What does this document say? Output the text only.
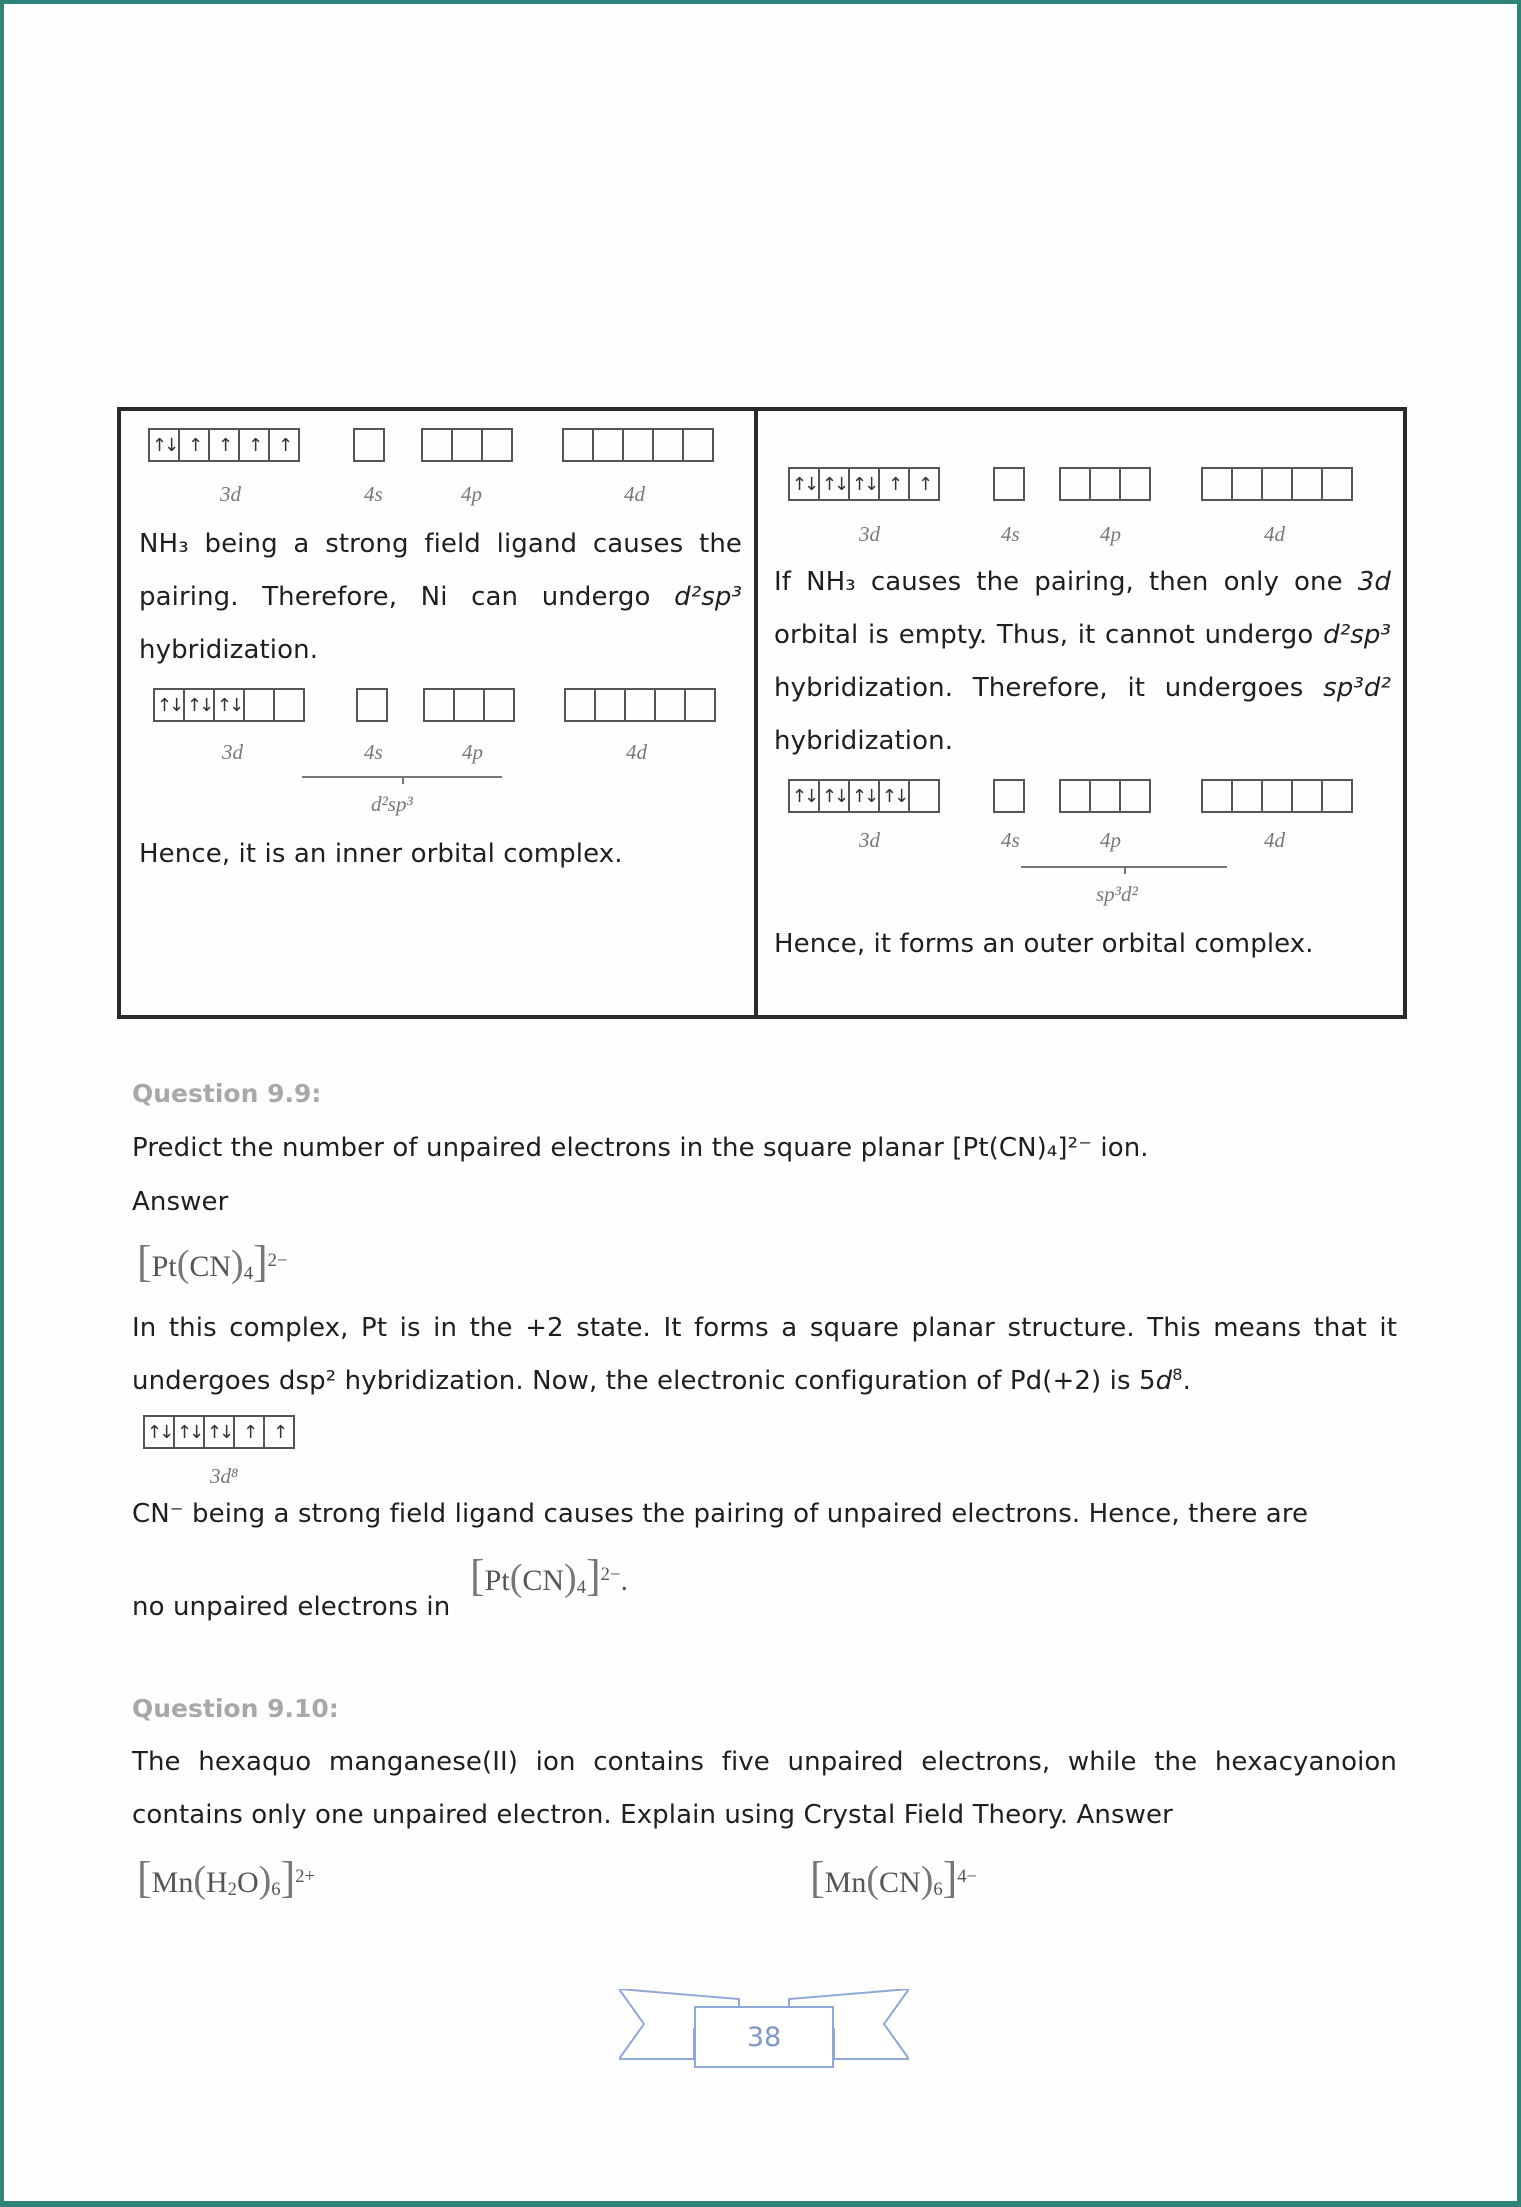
↑↓ ↑ ↑ ↑ ↑
3d	4s	4p	4d
NH₃ being a strong field ligand causes the pairing. Therefore, Ni can undergo d²sp³ hybridization.
↑↓ ↑↓ ↑↓
3d	4s	4p	4d
d²sp³
Hence, it is an inner orbital complex.
↑↓ ↑↓ ↑↓ ↑ ↑
3d	4s	4p	4d
If NH₃ causes the pairing, then only one 3d orbital is empty. Thus, it cannot undergo d²sp³ hybridization. Therefore, it undergoes sp³d² hybridization.
↑↓ ↑↓ ↑↓ ↑↓
3d	4s	4p	4d
sp³d²
Hence, it forms an outer orbital complex.
Question 9.9:
Predict the number of unpaired electrons in the square planar [Pt(CN)₄]²⁻ ion.
Answer
$[Pt(CN)_4]^{2-}$
In this complex, Pt is in the +2 state. It forms a square planar structure. This means that it undergoes dsp² hybridization. Now, the electronic configuration of Pd(+2) is $5d^8$.
↑↓ ↑↓ ↑↓ ↑ ↑
3d⁸
CN⁻ being a strong field ligand causes the pairing of unpaired electrons. Hence, there are
no unpaired electrons in
$[Pt(CN)_4]^{2-}$.
Question 9.10:
The hexaquo manganese(II) ion contains five unpaired electrons, while the hexacyanoion contains only one unpaired electron. Explain using Crystal Field Theory. Answer
$[Mn(H_2O)_6]^{2+}$	$[Mn(CN)_6]^{4-}$
38
